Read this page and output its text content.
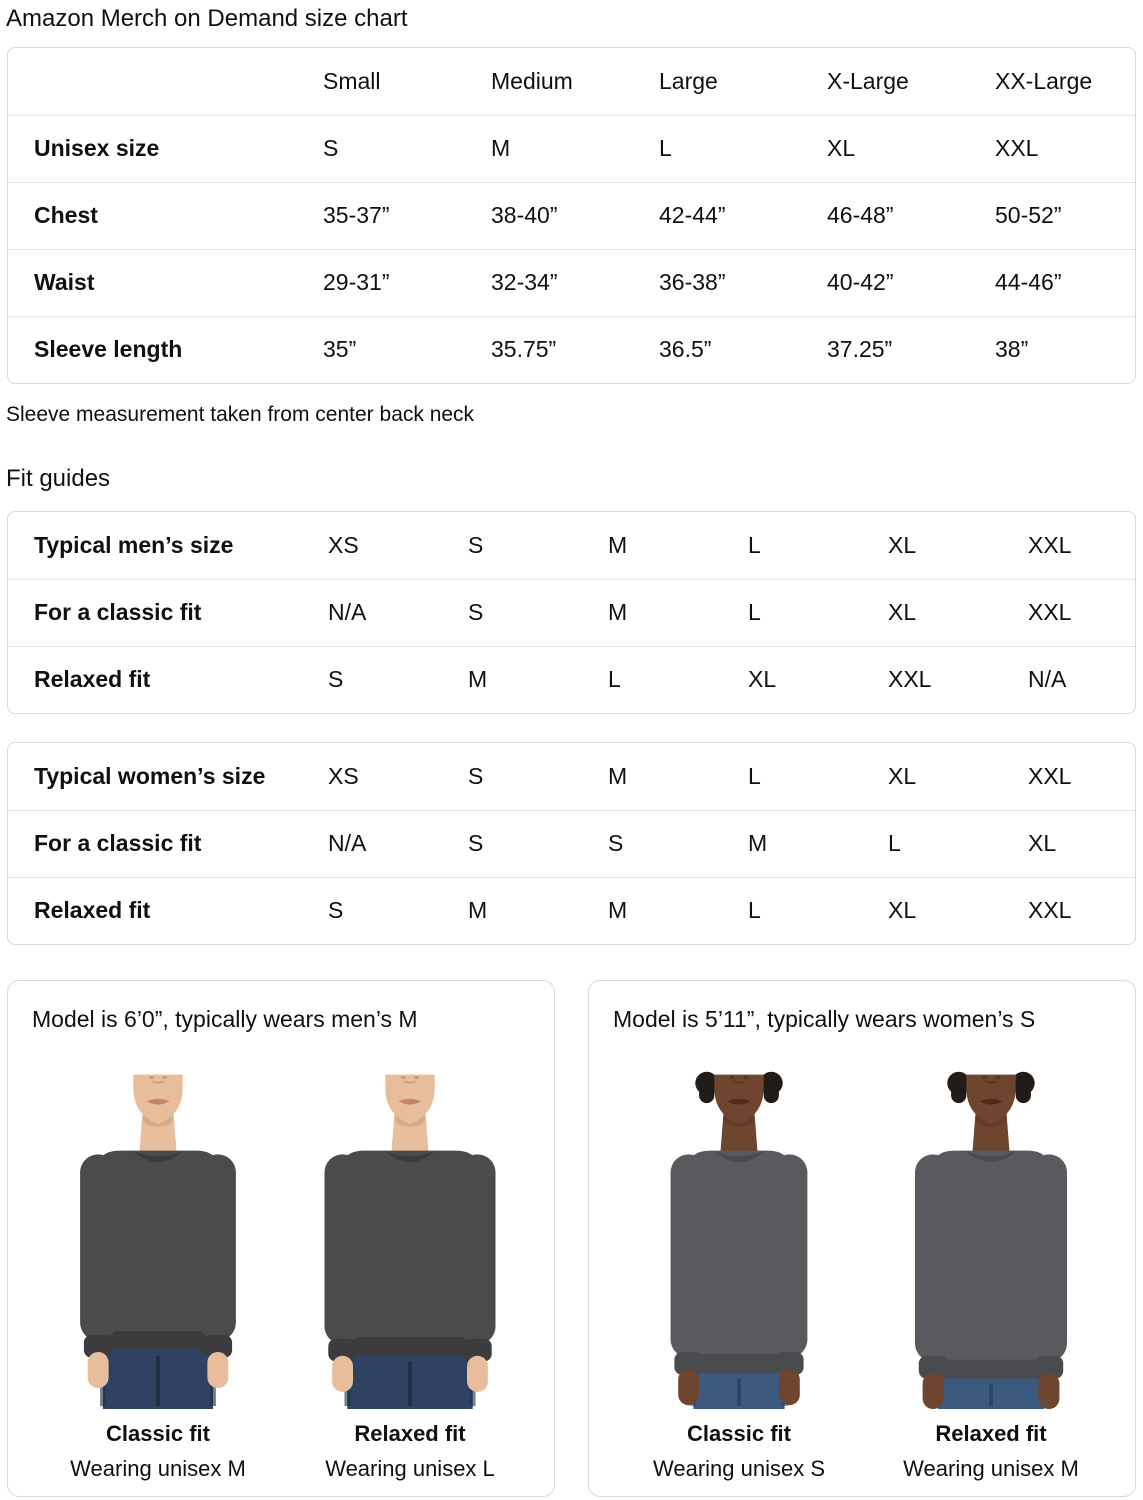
Amazon Merch on Demand size chart
	Small	Medium	Large	X-Large	XX-Large
Unisex size	S	M	L	XL	XXL
Chest	35-37”	38-40”	42-44”	46-48”	50-52”
Waist	29-31”	32-34”	36-38”	40-42”	44-46”
Sleeve length	35”	35.75”	36.5”	37.25”	38”

Sleeve measurement taken from center back neck

Fit guides
Typical men’s size	XS	S	M	L	XL	XXL
For a classic fit	N/A	S	M	L	XL	XXL
Relaxed fit	S	M	L	XL	XXL	N/A
Typical women’s size	XS	S	M	L	XL	XXL
For a classic fit	N/A	S	S	M	L	XL
Relaxed fit	S	M	M	L	XL	XXL
Model is 6’0”, typically wears men’s M
Classic fit
Wearing unisex M
Relaxed fit
Wearing unisex L
Model is 5’11”, typically wears women’s S
Classic fit
Wearing unisex S
Relaxed fit
Wearing unisex M
